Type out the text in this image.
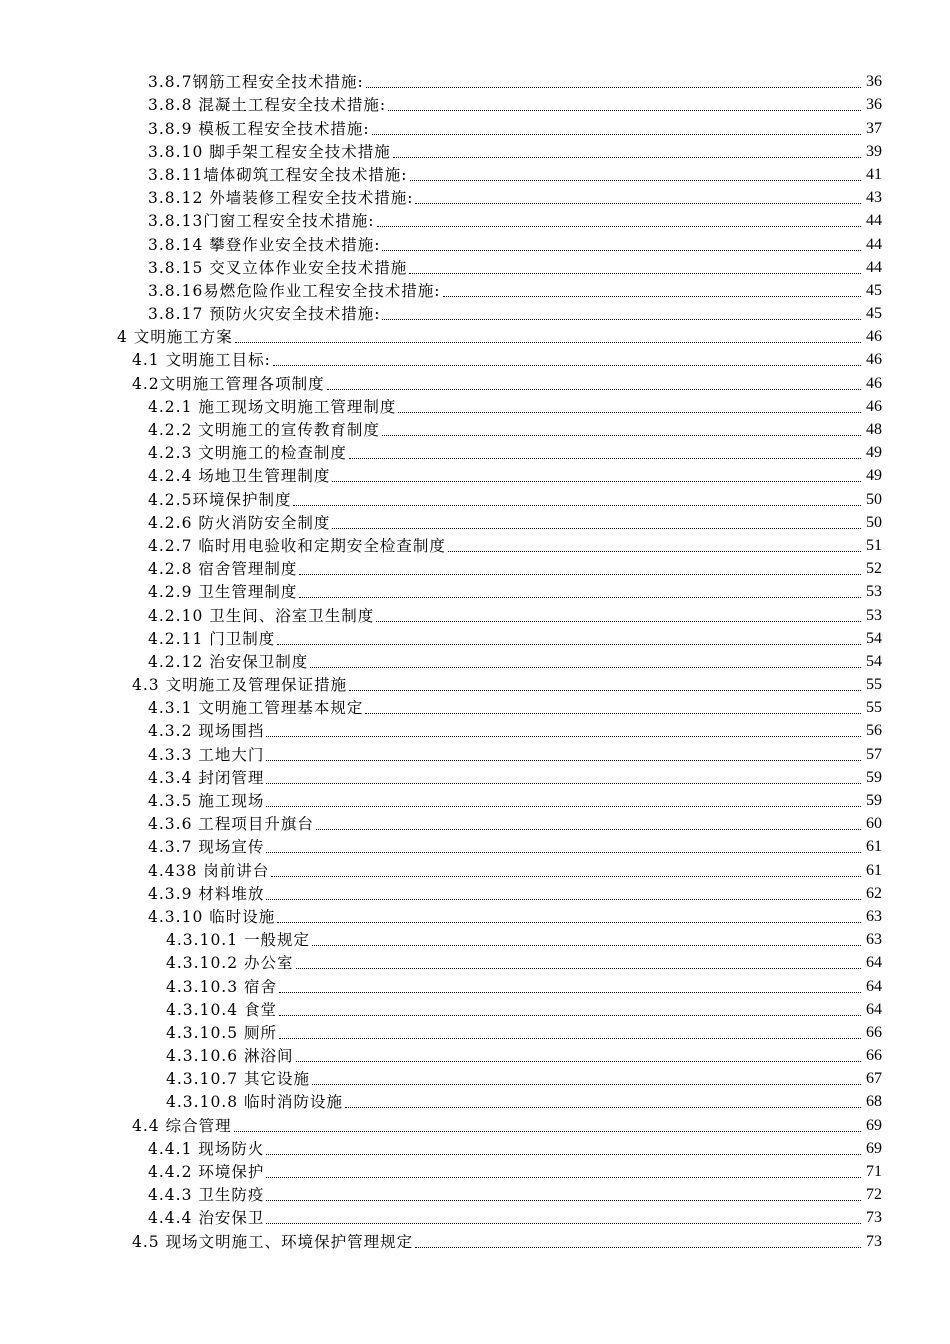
3.8.7钢筋工程安全技术措施:	36
3.8.8 混凝土工程安全技术措施:	36
3.8.9 模板工程安全技术措施:	37
3.8.10 脚手架工程安全技术措施	39
3.8.11墙体砌筑工程安全技术措施:	41
3.8.12 外墙装修工程安全技术措施:	43
3.8.13门窗工程安全技术措施:	44
3.8.14 攀登作业安全技术措施:	44
3.8.15 交叉立体作业安全技术措施	44
3.8.16易燃危险作业工程安全技术措施:	45
3.8.17 预防火灾安全技术措施:	45
4 文明施工方案	46
4.1 文明施工目标:	46
4.2文明施工管理各项制度	46
4.2.1 施工现场文明施工管理制度	46
4.2.2 文明施工的宣传教育制度	48
4.2.3 文明施工的检查制度	49
4.2.4 场地卫生管理制度	49
4.2.5环境保护制度	50
4.2.6 防火消防安全制度	50
4.2.7 临时用电验收和定期安全检查制度	51
4.2.8 宿舍管理制度	52
4.2.9 卫生管理制度	53
4.2.10 卫生间、浴室卫生制度	53
4.2.11 门卫制度	54
4.2.12 治安保卫制度	54
4.3 文明施工及管理保证措施	55
4.3.1 文明施工管理基本规定	55
4.3.2 现场围挡	56
4.3.3 工地大门	57
4.3.4 封闭管理	59
4.3.5 施工现场	59
4.3.6 工程项目升旗台	60
4.3.7 现场宣传	61
4.438 岗前讲台	61
4.3.9 材料堆放	62
4.3.10 临时设施	63
4.3.10.1 一般规定	63
4.3.10.2 办公室	64
4.3.10.3 宿舍	64
4.3.10.4 食堂	64
4.3.10.5 厕所	66
4.3.10.6 淋浴间	66
4.3.10.7 其它设施	67
4.3.10.8 临时消防设施	68
4.4 综合管理	69
4.4.1 现场防火	69
4.4.2 环境保护	71
4.4.3 卫生防疫	72
4.4.4 治安保卫	73
4.5 现场文明施工、环境保护管理规定	73
